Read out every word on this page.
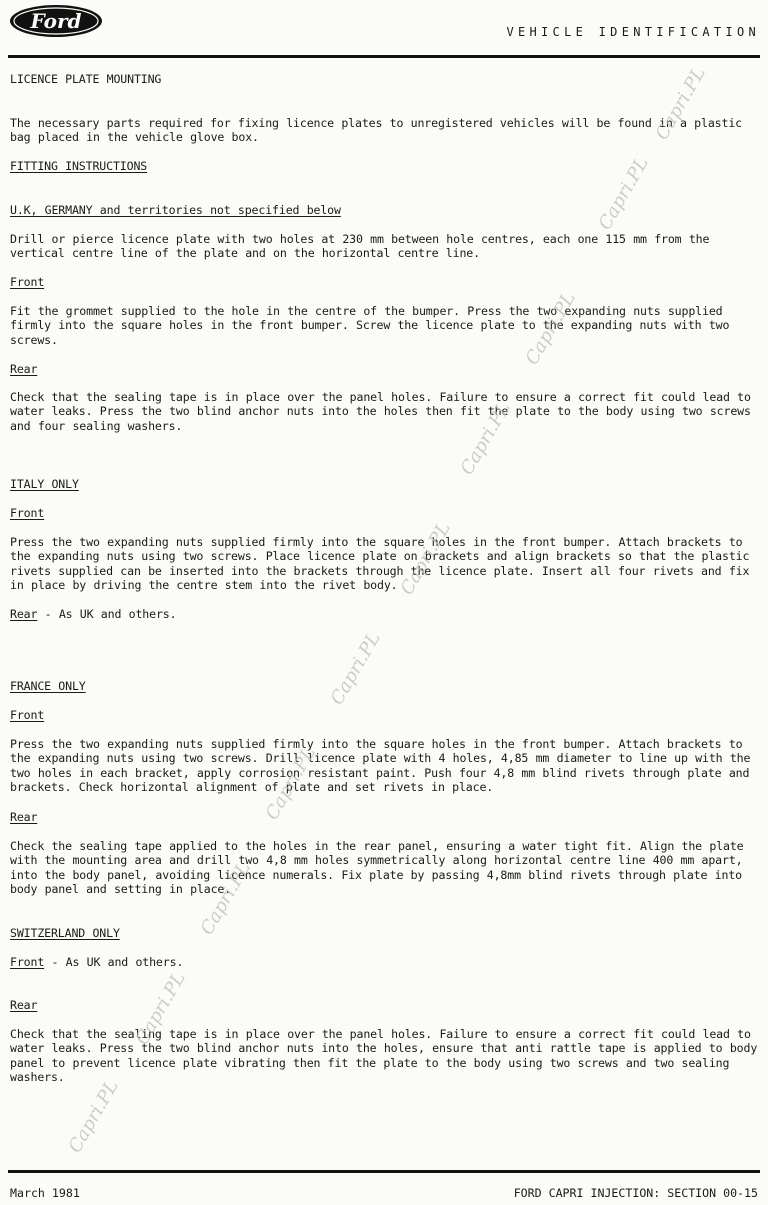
Ford	VEHICLE IDENTIFICATION
LICENCE PLATE MOUNTING
The necessary parts required for fixing licence plates to unregistered vehicles will be found in a plastic bag placed in the vehicle glove box.
FITTING INSTRUCTIONS
U.K, GERMANY and territories not specified below
Drill or pierce licence plate with two holes at 230 mm between hole centres, each one 115 mm from the vertical centre line of the plate and on the horizontal centre line.
Front
Fit the grommet supplied to the hole in the centre of the bumper. Press the two expanding nuts supplied firmly into the square holes in the front bumper. Screw the licence plate to the expanding nuts with two screws.
Rear
Check that the sealing tape is in place over the panel holes. Failure to ensure a correct fit could lead to water leaks. Press the two blind anchor nuts into the holes then fit the plate to the body using two screws and four sealing washers.
ITALY ONLY
Front
Press the two expanding nuts supplied firmly into the square holes in the front bumper. Attach brackets to the expanding nuts using two screws. Place licence plate on brackets and align brackets so that the plastic rivets supplied can be inserted into the brackets through the licence plate. Insert all four rivets and fix in place by driving the centre stem into the rivet body.
Rear - As UK and others.
FRANCE ONLY
Front
Press the two expanding nuts supplied firmly into the square holes in the front bumper. Attach brackets to the expanding nuts using two screws. Drill licence plate with 4 holes, 4,85 mm diameter to line up with the two holes in each bracket, apply corrosion resistant paint. Push four 4,8 mm blind rivets through plate and brackets. Check horizontal alignment of plate and set rivets in place.
Rear
Check the sealing tape applied to the holes in the rear panel, ensuring a water tight fit. Align the plate with the mounting area and drill two 4,8 mm holes symmetrically along horizontal centre line 400 mm apart, into the body panel, avoiding licence numerals. Fix plate by passing 4,8mm blind rivets through plate into body panel and setting in place.
SWITZERLAND ONLY
Front - As UK and others.
Rear
Check that the sealing tape is in place over the panel holes. Failure to ensure a correct fit could lead to water leaks. Press the two blind anchor nuts into the holes, ensure that anti rattle tape is applied to body panel to prevent licence plate vibrating then fit the plate to the body using two screws and two sealing washers.
Capri.PL
Capri.PL
Capri.PL
Capri.PL
Capri.PL
Capri.PL
Capri.PL
Capri.PL
Capri.PL
Capri.PL
March 1981	FORD CAPRI INJECTION: SECTION 00-15
